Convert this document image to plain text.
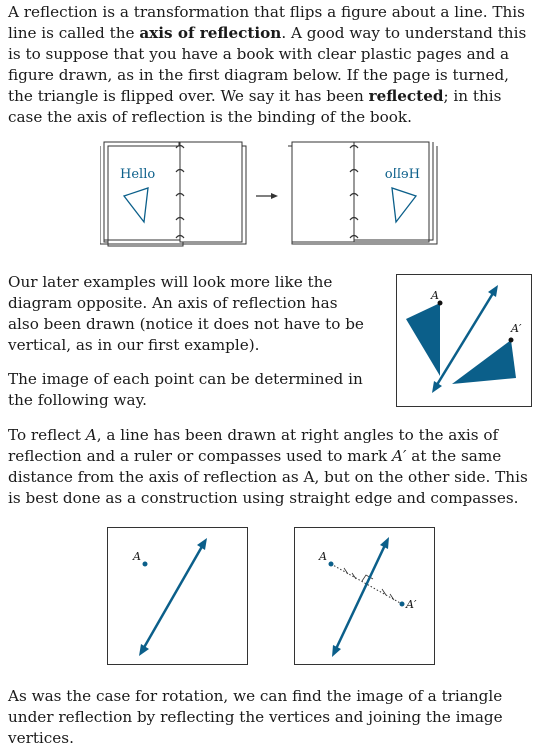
A reflection is a transformation that flips a figure about a line. This line is called the axis of reflection. A good way to understand this is to suppose that you have a book with clear plastic pages and a figure drawn, as in the first diagram below. If the page is turned, the triangle is flipped over. We say it has been reflected; in this case the axis of reflection is the binding of the book.

Hello	Hello

Our later examples will look more like the diagram opposite. An axis of reflection has also been drawn (notice it does not have to be vertical, as in our first example).

A
A′

The image of each point can be determined in the following way.

To reflect A, a line has been drawn at right angles to the axis of reflection and a ruler or compasses used to mark A′ at the same distance from the axis of reflection as A, but on the other side. This is best done as a construction using straight edge and compasses.

A	A
A′

As was the case for rotation, we can find the image of a triangle under reflection by reflecting the vertices and joining the image vertices.
